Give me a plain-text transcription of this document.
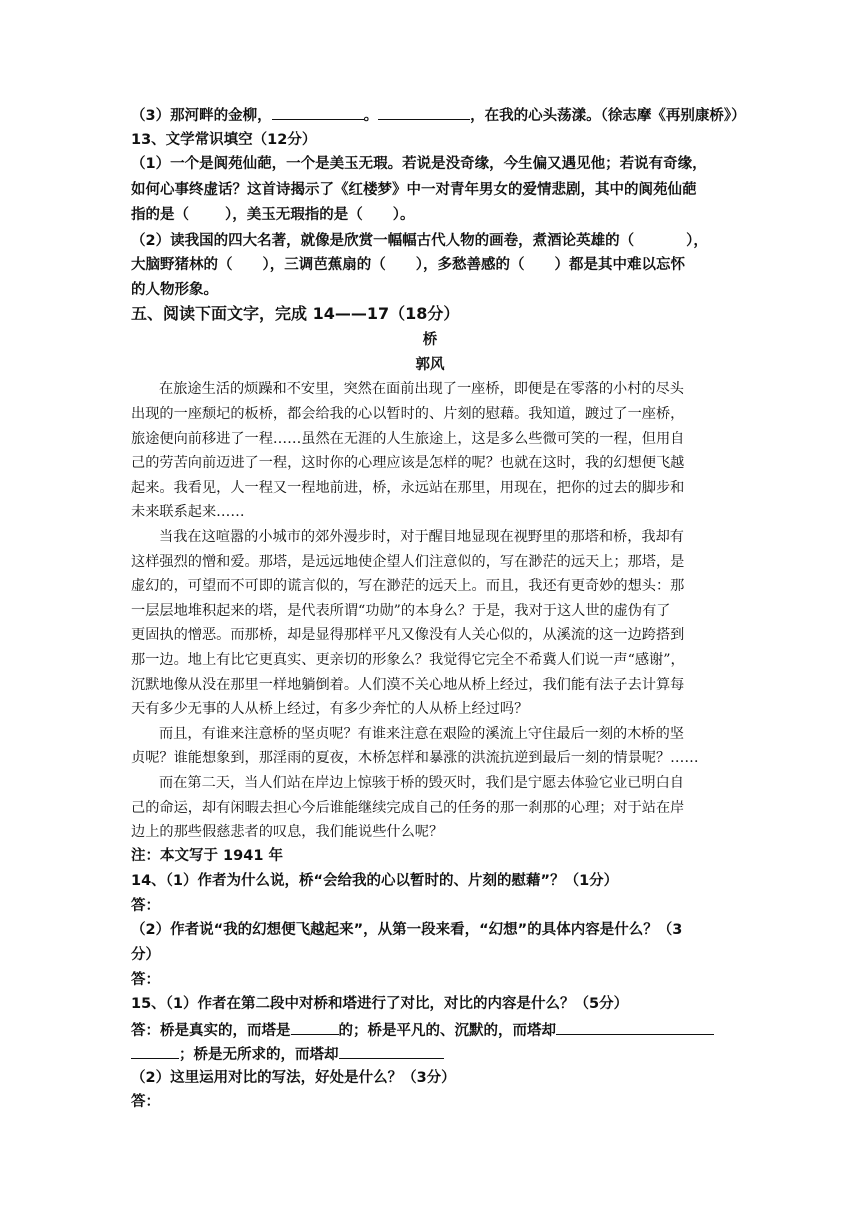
（3）那河畔的金柳，	。	，在我的心头荡漾。（徐志摩《再别康桥》）
13、文学常识填空（12分）
（1）一个是阆苑仙葩，一个是美玉无瑕。若说是没奇缘，今生偏又遇见他；若说有奇缘，
如何心事终虚话？这首诗揭示了《红楼梦》中一对青年男女的爱情悲剧，其中的阆苑仙葩
指的是（ ），美玉无瑕指的是（ ）。
（2）读我国的四大名著，就像是欣赏一幅幅古代人物的画卷，煮酒论英雄的（	），
大脑野猪林的（ ），三调芭蕉扇的（ ），多愁善感的（ ）都是其中难以忘怀
的人物形象。
五、阅读下面文字，完成 14——17（18分）
桥
郭风
在旅途生活的烦躁和不安里，突然在面前出现了一座桥，即便是在零落的小村的尽头
出现的一座颓圮的板桥，都会给我的心以暂时的、片刻的慰藉。我知道，踱过了一座桥，
旅途便向前移进了一程……虽然在无涯的人生旅途上，这是多么些微可笑的一程，但用自
己的劳苦向前迈进了一程，这时你的心理应该是怎样的呢？也就在这时，我的幻想便飞越
起来。我看见，人一程又一程地前进，桥，永远站在那里，用现在，把你的过去的脚步和
未来联系起来……
当我在这喧嚣的小城市的郊外漫步时，对于醒目地显现在视野里的那塔和桥，我却有
这样强烈的憎和爱。那塔，是远远地使企望人们注意似的，写在渺茫的远天上；那塔，是
虚幻的，可望而不可即的谎言似的，写在渺茫的远天上。而且，我还有更奇妙的想头：那
一层层地堆积起来的塔，是代表所谓“功勋”的本身么？于是，我对于这人世的虚伪有了
更固执的憎恶。而那桥，却是显得那样平凡又像没有人关心似的，从溪流的这一边跨搭到
那一边。地上有比它更真实、更亲切的形象么？我觉得它完全不希冀人们说一声“感谢”，
沉默地像从没在那里一样地躺倒着。人们漠不关心地从桥上经过，我们能有法子去计算每
天有多少无事的人从桥上经过，有多少奔忙的人从桥上经过吗？
而且，有谁来注意桥的坚贞呢？有谁来注意在艰险的溪流上守住最后一刻的木桥的坚
贞呢？谁能想象到，那淫雨的夏夜，木桥怎样和暴涨的洪流抗逆到最后一刻的情景呢？……
而在第二天，当人们站在岸边上惊骇于桥的毁灭时，我们是宁愿去体验它业已明白自
己的命运，却有闲暇去担心今后谁能继续完成自己的任务的那一刹那的心理；对于站在岸
边上的那些假慈悲者的叹息，我们能说些什么呢？
注：本文写于 1941 年
14、（1）作者为什么说，桥“会给我的心以暂时的、片刻的慰藉”？（1分）
答：
（2）作者说“我的幻想便飞越起来”，从第一段来看，“幻想”的具体内容是什么？（3
分）
答：
15、（1）作者在第二段中对桥和塔进行了对比，对比的内容是什么？（5分）
答：桥是真实的，而塔是	的；桥是平凡的、沉默的，而塔却
；桥是无所求的，而塔却
（2）这里运用对比的写法，好处是什么？（3分）
答：
